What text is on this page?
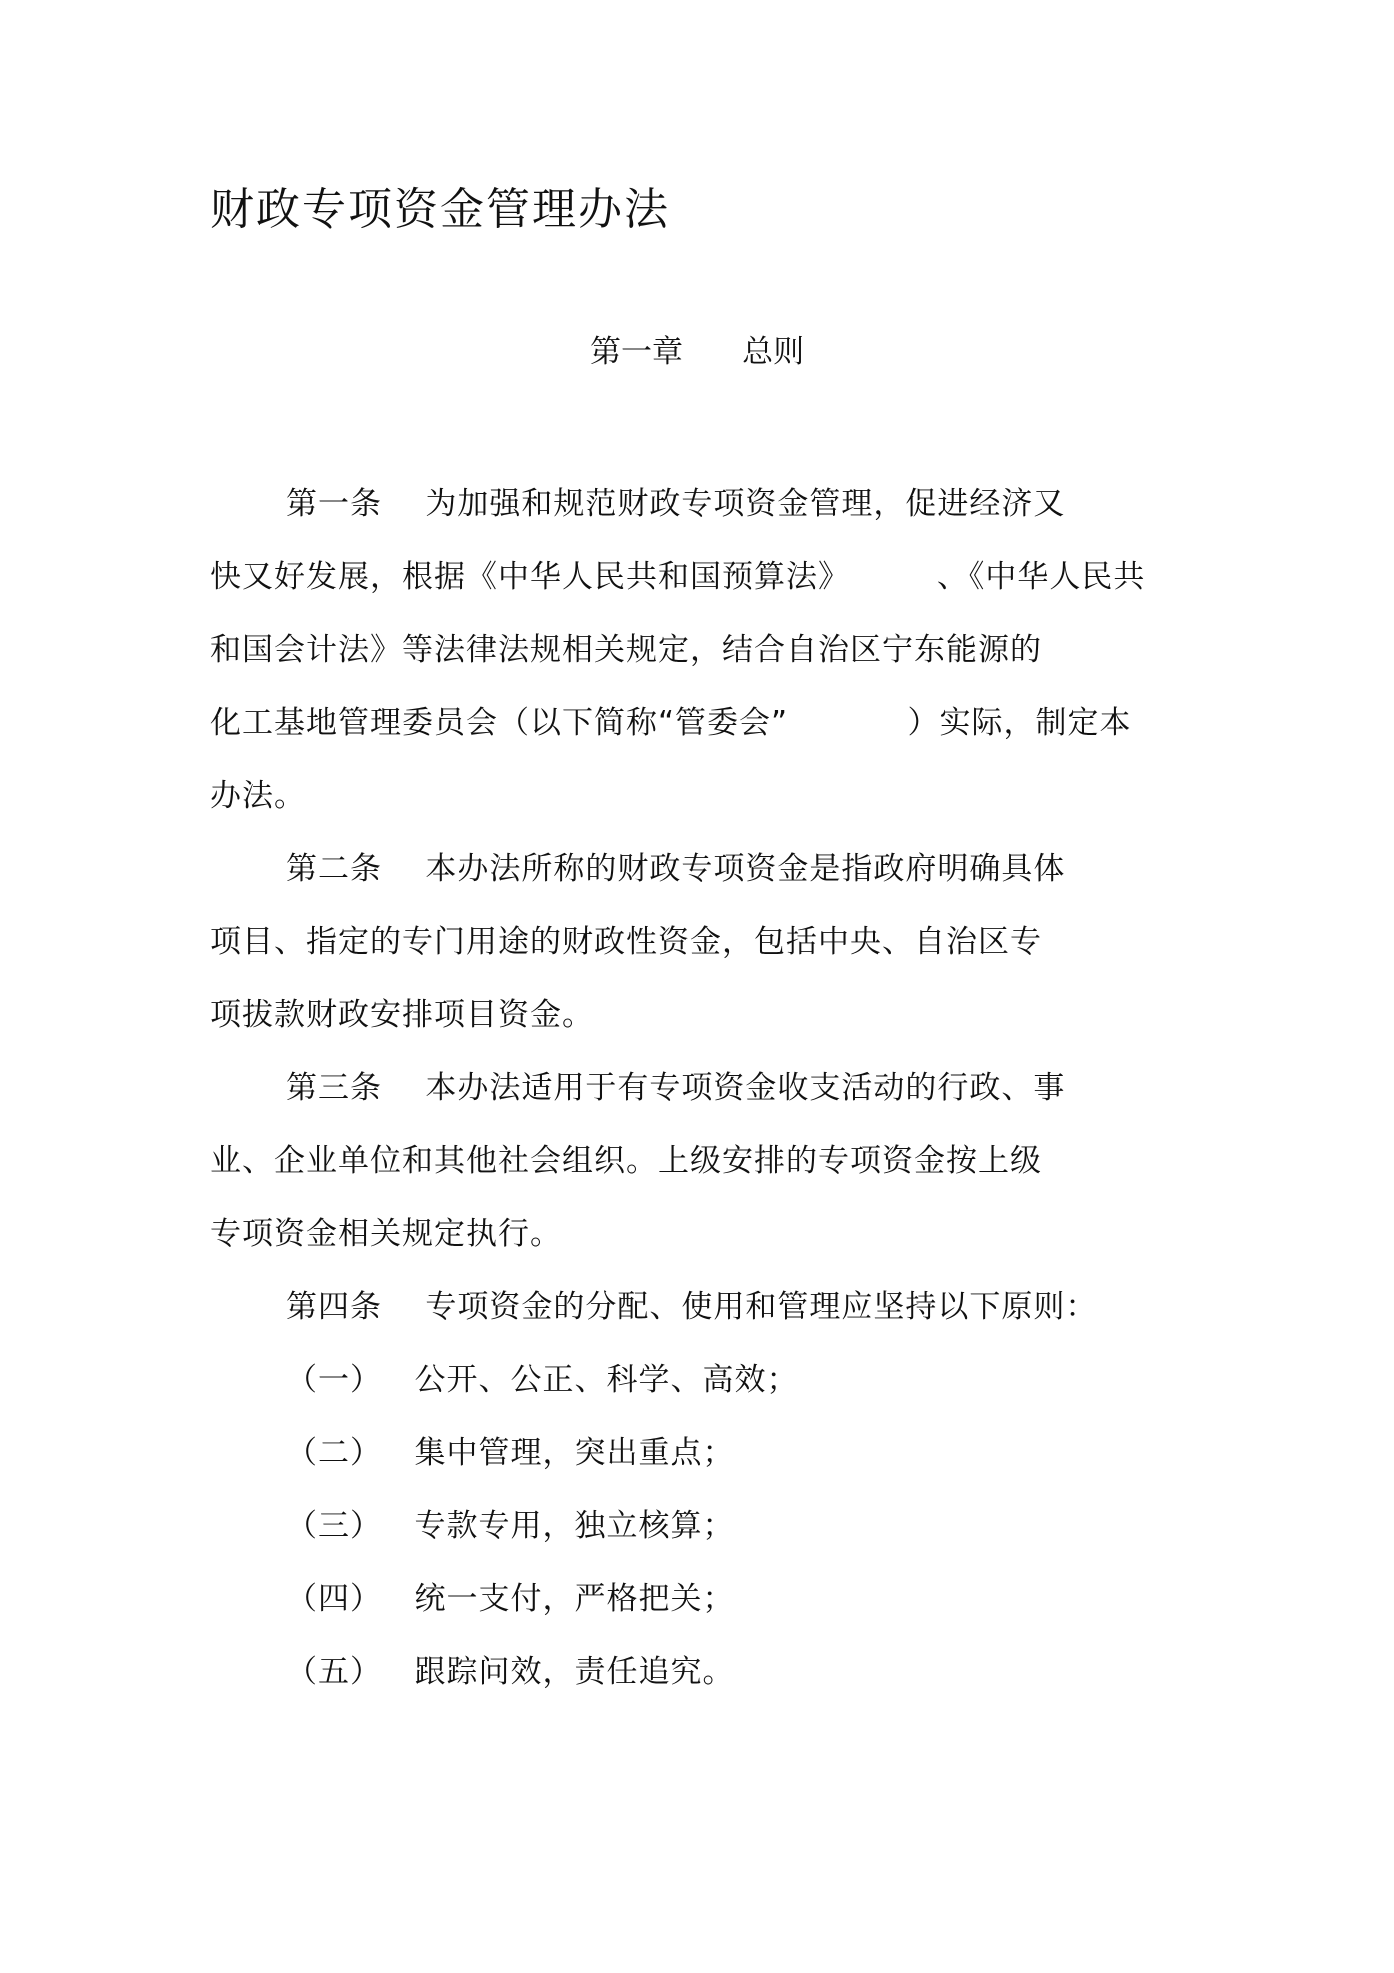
财政专项资金管理办法
第一章      总则
第一条    为加强和规范财政专项资金管理，促进经济又
快又好发展，根据《中华人民共和国预算法》        、《中华人民共
和国会计法》等法律法规相关规定，结合自治区宁东能源的
化工基地管理委员会（以下简称“管委会”           ）实际，制定本
办法。
第二条    本办法所称的财政专项资金是指政府明确具体
项目、指定的专门用途的财政性资金，包括中央、自治区专
项拔款财政安排项目资金。
第三条    本办法适用于有专项资金收支活动的行政、事
业、企业单位和其他社会组织。上级安排的专项资金按上级
专项资金相关规定执行。
第四条    专项资金的分配、使用和管理应坚持以下原则：
（一）   公开、公正、科学、高效；
（二）   集中管理，突出重点；
（三）   专款专用，独立核算；
（四）   统一支付，严格把关；
（五）   跟踪问效，责任追究。
